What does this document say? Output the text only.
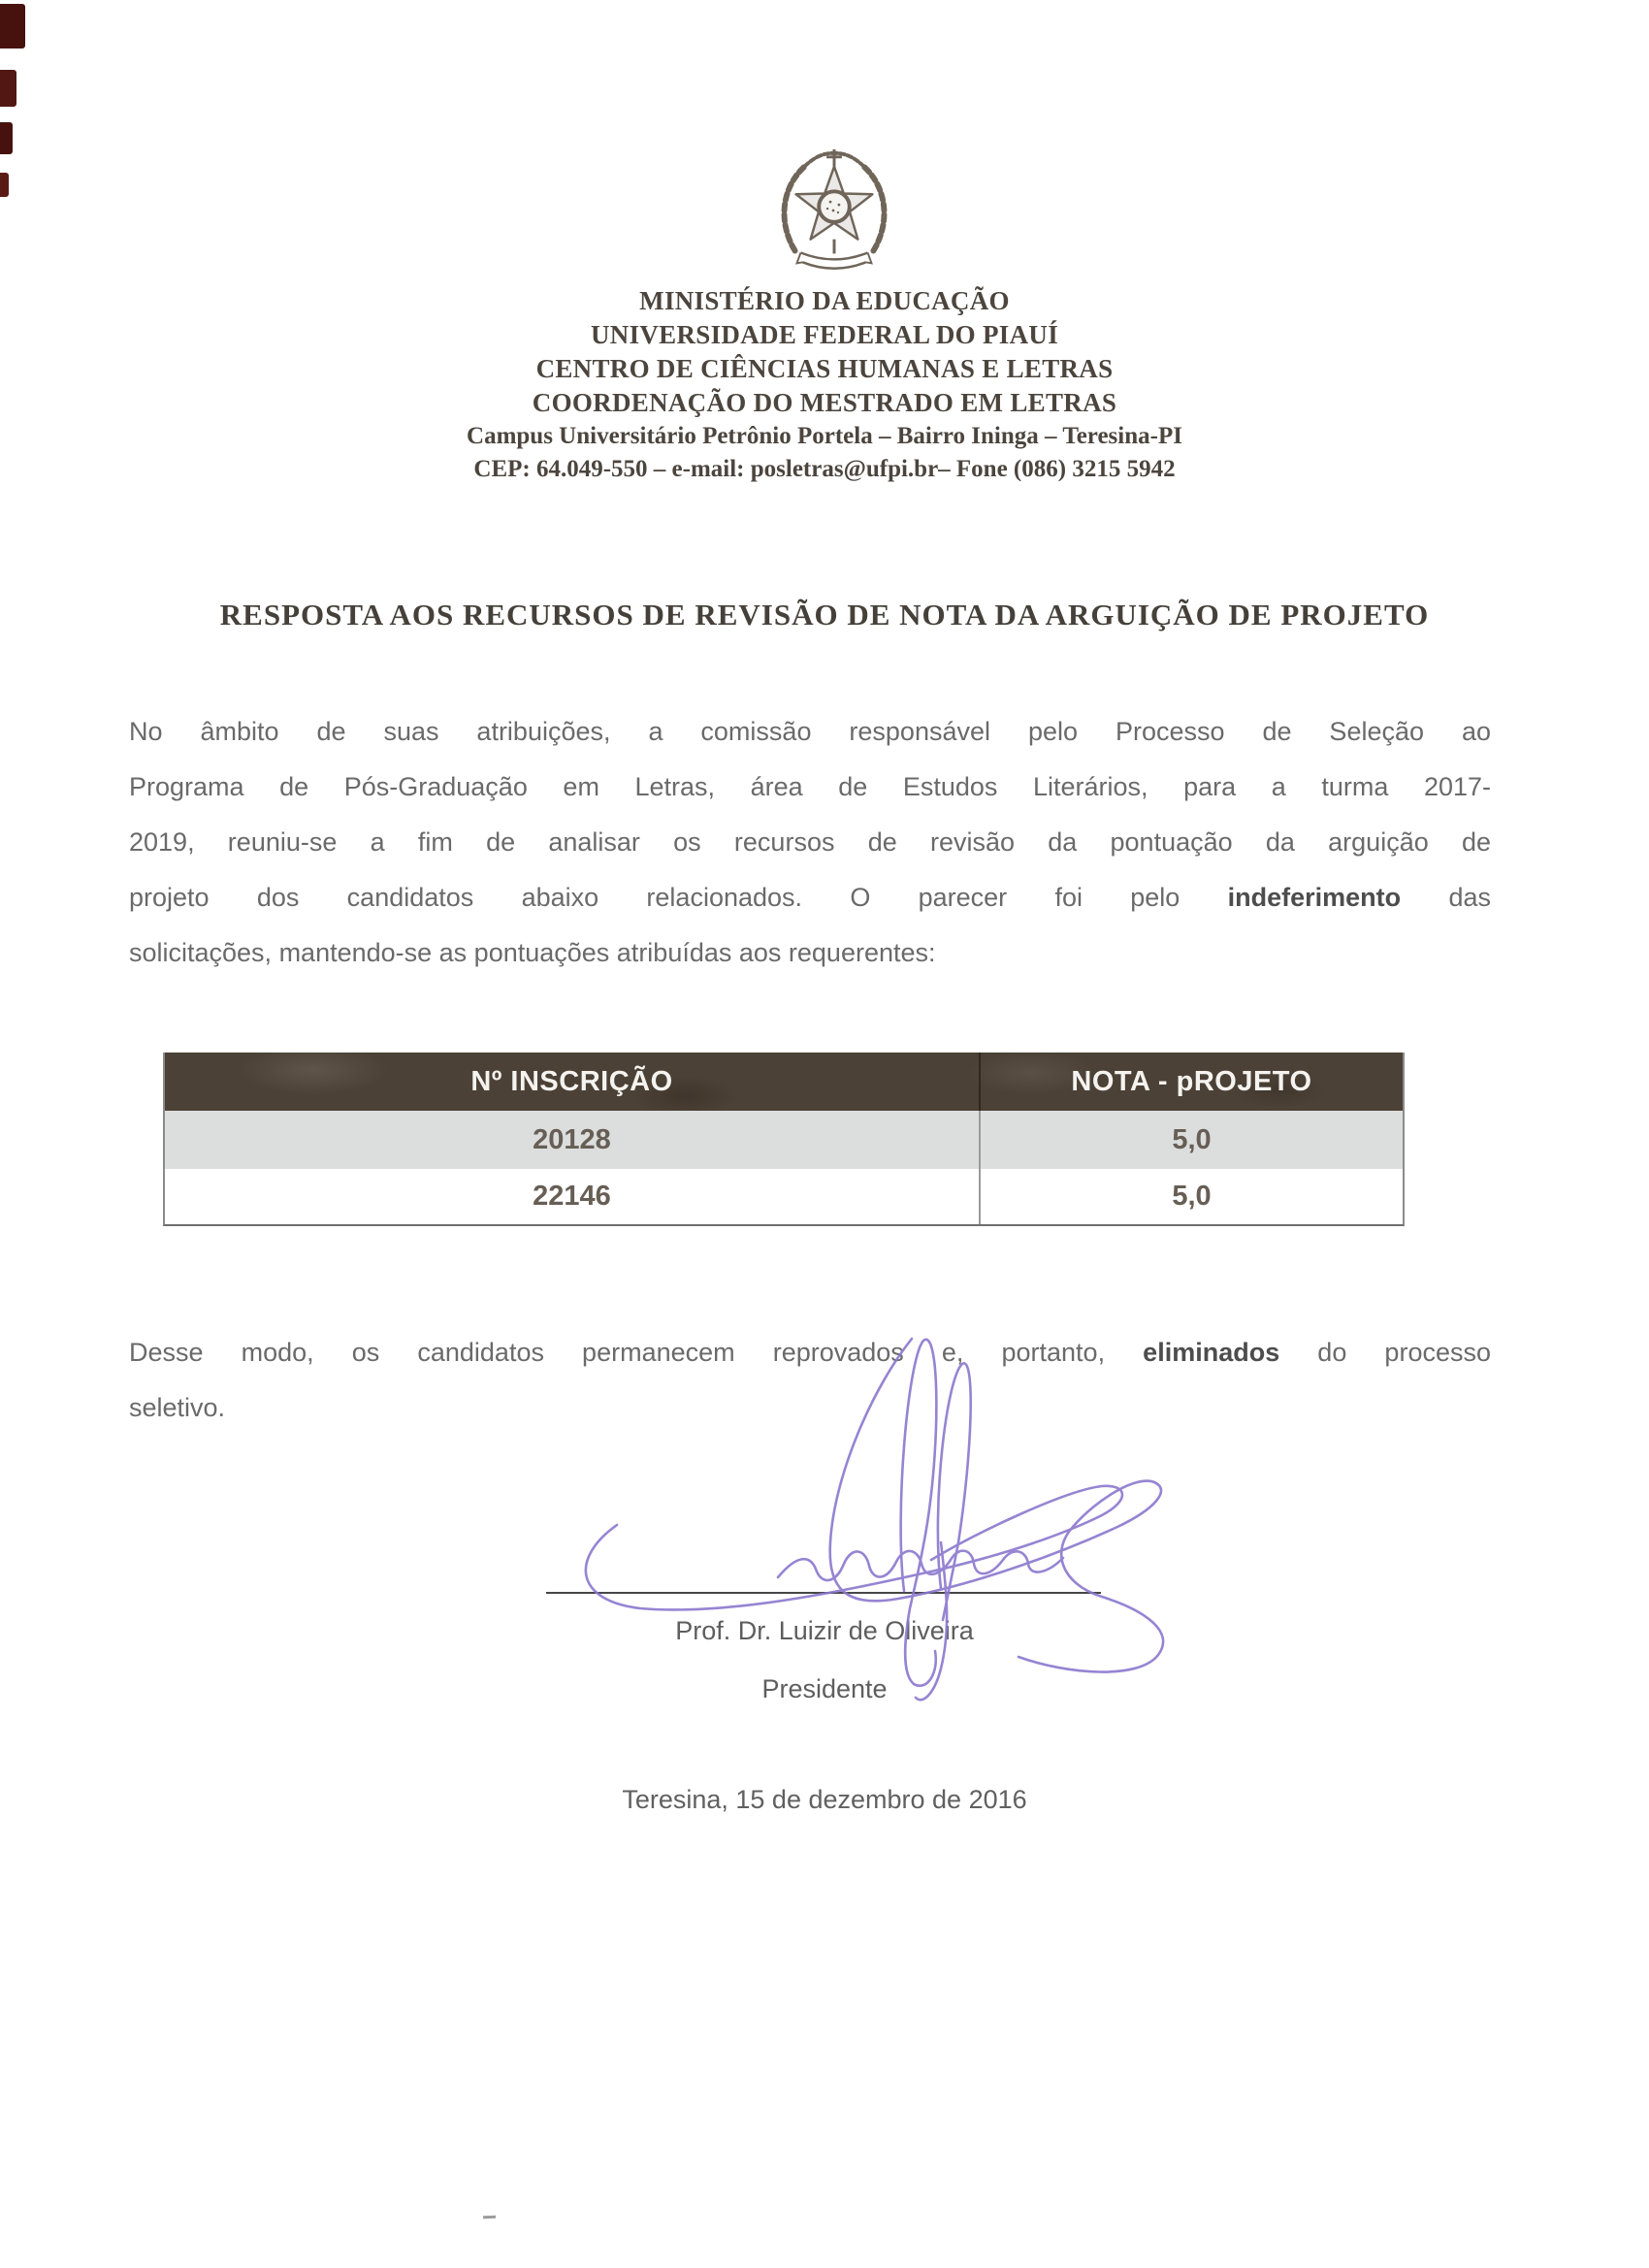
MINISTÉRIO DA EDUCAÇÃO
UNIVERSIDADE FEDERAL DO PIAUÍ
CENTRO DE CIÊNCIAS HUMANAS E LETRAS
COORDENAÇÃO DO MESTRADO EM LETRAS
Campus Universitário Petrônio Portela – Bairro Ininga – Teresina-PI
CEP: 64.049-550 – e-mail: posletras@ufpi.br– Fone (086) 3215 5942
RESPOSTA AOS RECURSOS DE REVISÃO DE NOTA DA ARGUIÇÃO DE PROJETO
No âmbito de suas atribuições, a comissão responsável pelo Processo de Seleção ao
Programa de Pós-Graduação em Letras, área de Estudos Literários, para a turma 2017-
2019, reuniu-se a fim de analisar os recursos de revisão da pontuação da arguição de
projeto dos candidatos abaixo relacionados. O parecer foi pelo indeferimento das
solicitações, mantendo-se as pontuações atribuídas aos requerentes:
Nº INSCRIÇÃO	NOTA - pROJETO
20128	5,0
22146	5,0
Desse modo, os candidatos permanecem reprovados e, portanto, eliminados do processo
seletivo.
Prof. Dr. Luizir de Oliveira
Presidente
Teresina, 15 de dezembro de 2016
